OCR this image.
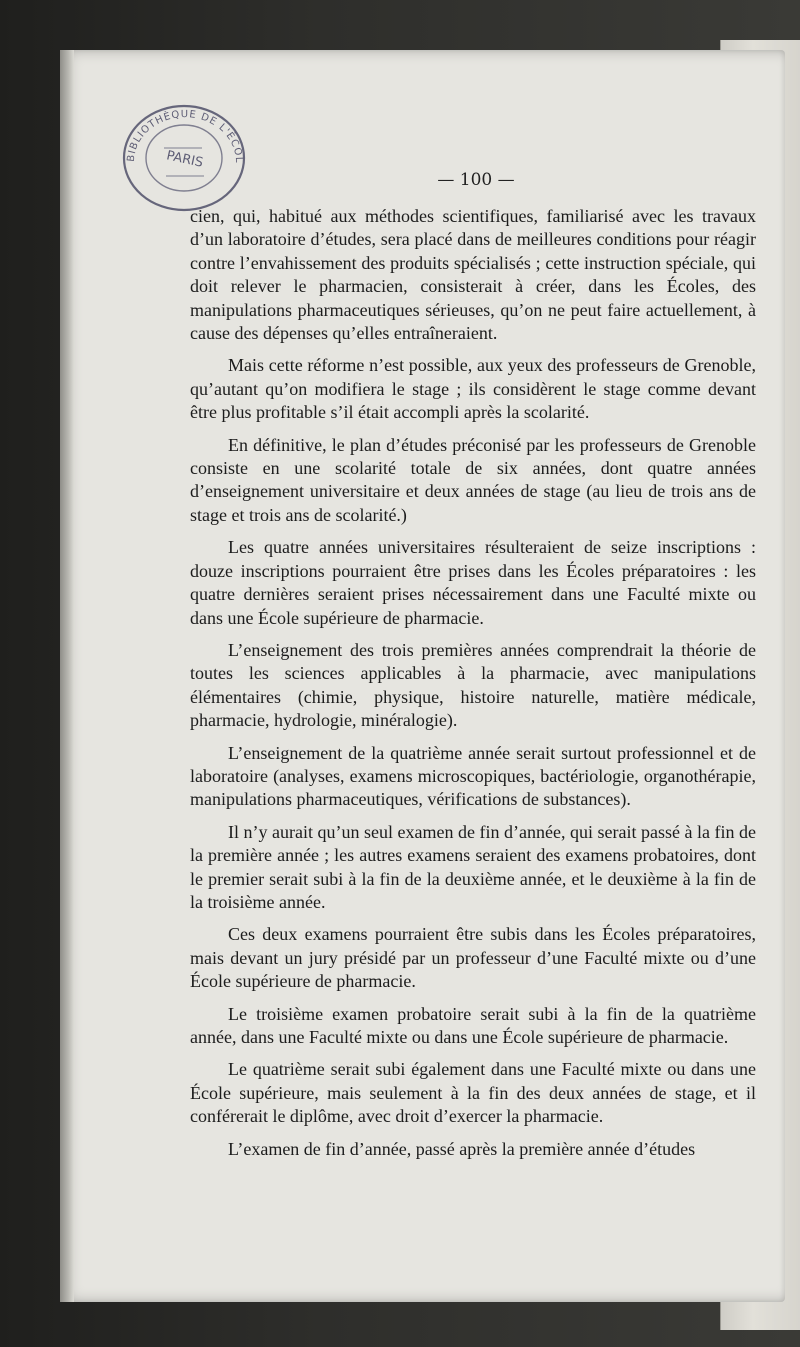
BIBLIOTHÈQUE DE L'ÉCOL
PARIS
— 100 —

cien, qui, habitué aux méthodes scientifiques, familiarisé avec les travaux d’un laboratoire d’études, sera placé dans de meilleures conditions pour réagir contre l’envahissement des produits spécialisés ; cette instruction spéciale, qui doit relever le pharmacien, consisterait à créer, dans les Écoles, des manipulations pharmaceutiques sérieuses, qu’on ne peut faire actuellement, à cause des dépenses qu’elles entraîneraient.

Mais cette réforme n’est possible, aux yeux des professeurs de Grenoble, qu’autant qu’on modifiera le stage ; ils considèrent le stage comme devant être plus profitable s’il était accompli après la scolarité.

En définitive, le plan d’études préconisé par les professeurs de Grenoble consiste en une scolarité totale de six années, dont quatre années d’enseignement universitaire et deux années de stage (au lieu de trois ans de stage et trois ans de scolarité.)

Les quatre années universitaires résulteraient de seize inscriptions : douze inscriptions pourraient être prises dans les Écoles préparatoires : les quatre dernières seraient prises nécessairement dans une Faculté mixte ou dans une École supérieure de pharmacie.

L’enseignement des trois premières années comprendrait la théorie de toutes les sciences applicables à la pharmacie, avec manipulations élémentaires (chimie, physique, histoire naturelle, matière médicale, pharmacie, hydrologie, minéralogie).

L’enseignement de la quatrième année serait surtout professionnel et de laboratoire (analyses, examens microscopiques, bactériologie, organothérapie, manipulations pharmaceutiques, vérifications de substances).

Il n’y aurait qu’un seul examen de fin d’année, qui serait passé à la fin de la première année ; les autres examens seraient des examens probatoires, dont le premier serait subi à la fin de la deuxième année, et le deuxième à la fin de la troisième année.

Ces deux examens pourraient être subis dans les Écoles préparatoires, mais devant un jury présidé par un professeur d’une Faculté mixte ou d’une École supérieure de pharmacie.

Le troisième examen probatoire serait subi à la fin de la quatrième année, dans une Faculté mixte ou dans une École supérieure de pharmacie.

Le quatrième serait subi également dans une Faculté mixte ou dans une École supérieure, mais seulement à la fin des deux années de stage, et il conférerait le diplôme, avec droit d’exercer la pharmacie.

L’examen de fin d’année, passé après la première année d’études
